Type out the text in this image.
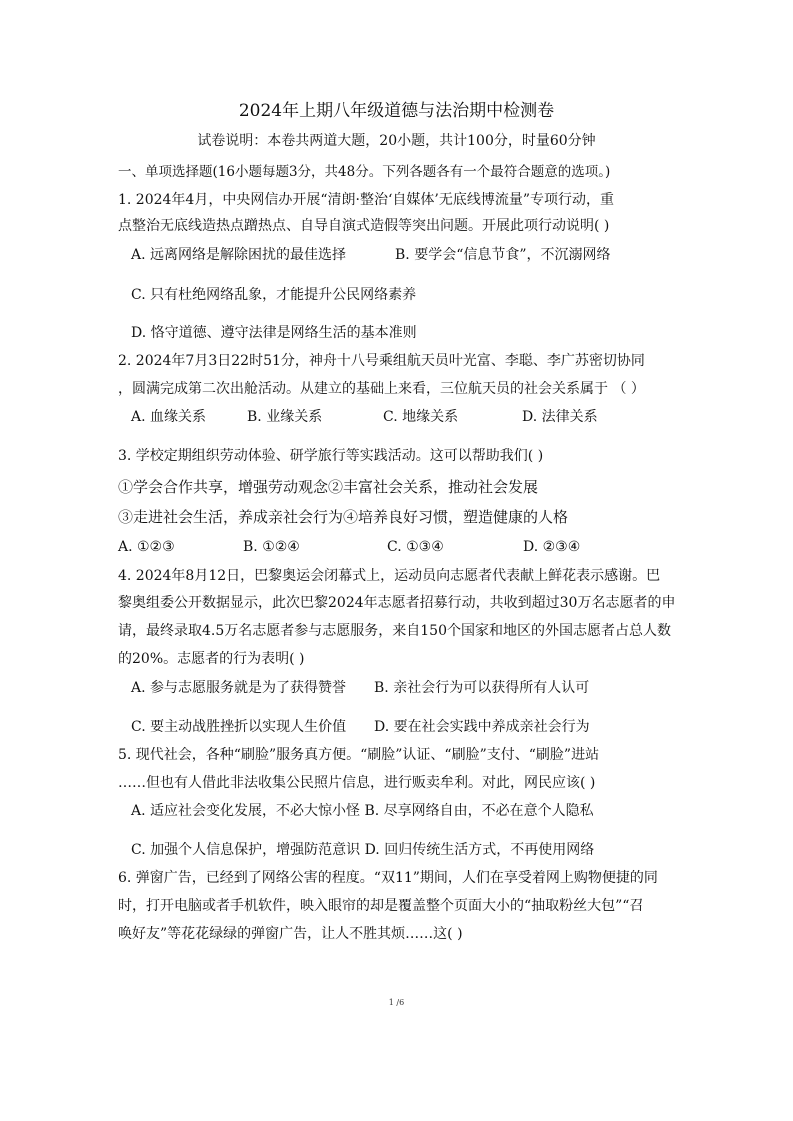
2024年上期八年级道德与法治期中检测卷
试卷说明：本卷共两道大题，20小题，共计100分，时量60分钟
一、单项选择题(16小题每题3分，共48分。下列各题各有一个最符合题意的选项。)
1. 2024年4月，中央网信办开展“清朗·整治‘自媒体’无底线博流量”专项行动，重
点整治无底线造热点蹭热点、自导自演式造假等突出问题。开展此项行动说明( )
A. 远离网络是解除困扰的最佳选择	B. 要学会“信息节食”，不沉溺网络
C. 只有杜绝网络乱象，才能提升公民网络素养
D. 恪守道德、遵守法律是网络生活的基本准则
2. 2024年7月3日22时51分，神舟十八号乘组航天员叶光富、李聪、李广苏密切协同
，圆满完成第二次出舱活动。从建立的基础上来看，三位航天员的社会关系属于 （ ）
A. 血缘关系	B. 业缘关系	C. 地缘关系	D. 法律关系
3. 学校定期组织劳动体验、研学旅行等实践活动。这可以帮助我们( )
①学会合作共享，增强劳动观念②丰富社会关系，推动社会发展
③走进社会生活，养成亲社会行为④培养良好习惯，塑造健康的人格
A. ①②③	B. ①②④	C. ①③④	D. ②③④
4. 2024年8月12日，巴黎奥运会闭幕式上，运动员向志愿者代表献上鲜花表示感谢。巴
黎奥组委公开数据显示，此次巴黎2024年志愿者招募行动，共收到超过30万名志愿者的申
请，最终录取4.5万名志愿者参与志愿服务，来自150个国家和地区的外国志愿者占总人数
的20%。志愿者的行为表明( )
A. 参与志愿服务就是为了获得赞誉 B. 亲社会行为可以获得所有人认可
C. 要主动战胜挫折以实现人生价值 D. 要在社会实践中养成亲社会行为
5. 现代社会，各种“刷脸”服务真方便。“刷脸”认证、“刷脸”支付、“刷脸”进站
……但也有人借此非法收集公民照片信息，进行贩卖牟利。对此，网民应该( )
A. 适应社会变化发展，不必大惊小怪 B. 尽享网络自由，不必在意个人隐私
C. 加强个人信息保护，增强防范意识 D. 回归传统生活方式，不再使用网络
6. 弹窗广告，已经到了网络公害的程度。“双11”期间，人们在享受着网上购物便捷的同
时，打开电脑或者手机软件，映入眼帘的却是覆盖整个页面大小的“抽取粉丝大包”“召
唤好友”等花花绿绿的弹窗广告，让人不胜其烦……这( )
1 /6
